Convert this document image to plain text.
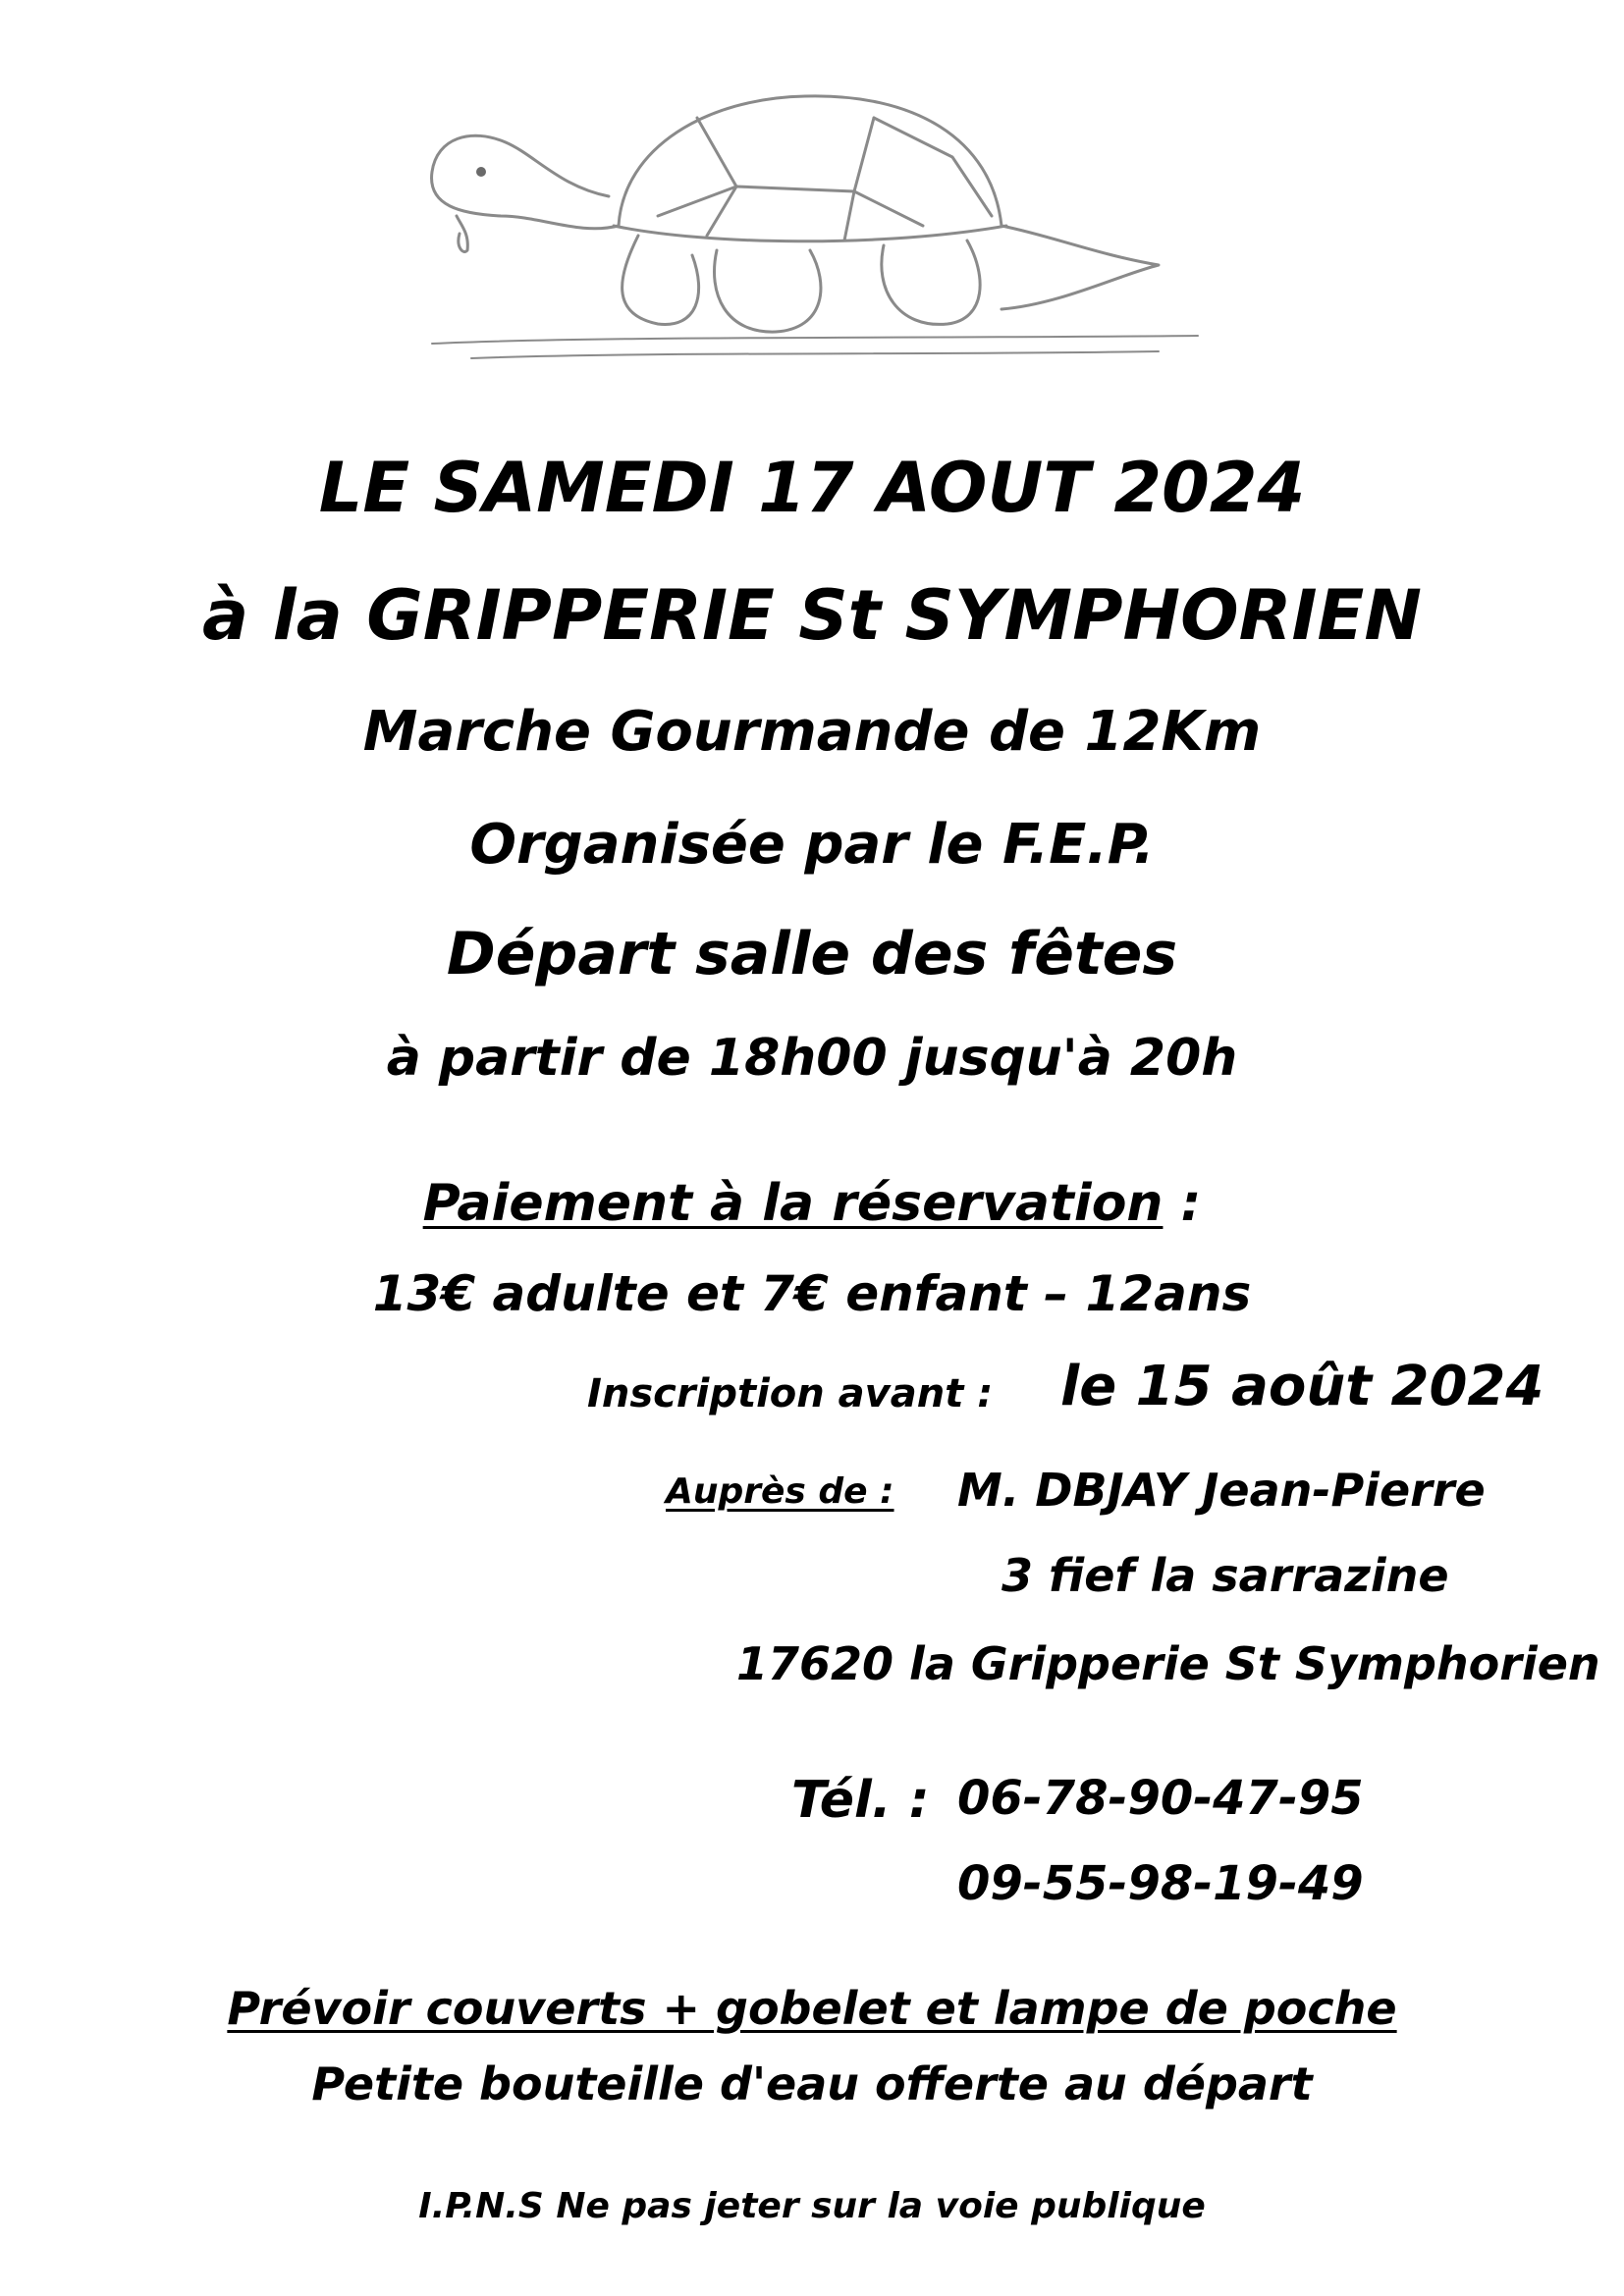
LE SAMEDI 17 AOUT 2024
à la GRIPPERIE St SYMPHORIEN
Marche Gourmande de 12Km
Organisée par le F.E.P.
Départ salle des fêtes
à partir de 18h00 jusqu'à 20h
Paiement à la réservation :
13€ adulte et 7€ enfant – 12ans
Inscription avant : le 15 août 2024
Auprès de : M. DBJAY Jean-Pierre
3 fief la sarrazine
17620 la Gripperie St Symphorien
Tél. : 06-78-90-47-95
09-55-98-19-49
Prévoir couverts + gobelet et lampe de poche
Petite bouteille d'eau offerte au départ
I.P.N.S Ne pas jeter sur la voie publique
